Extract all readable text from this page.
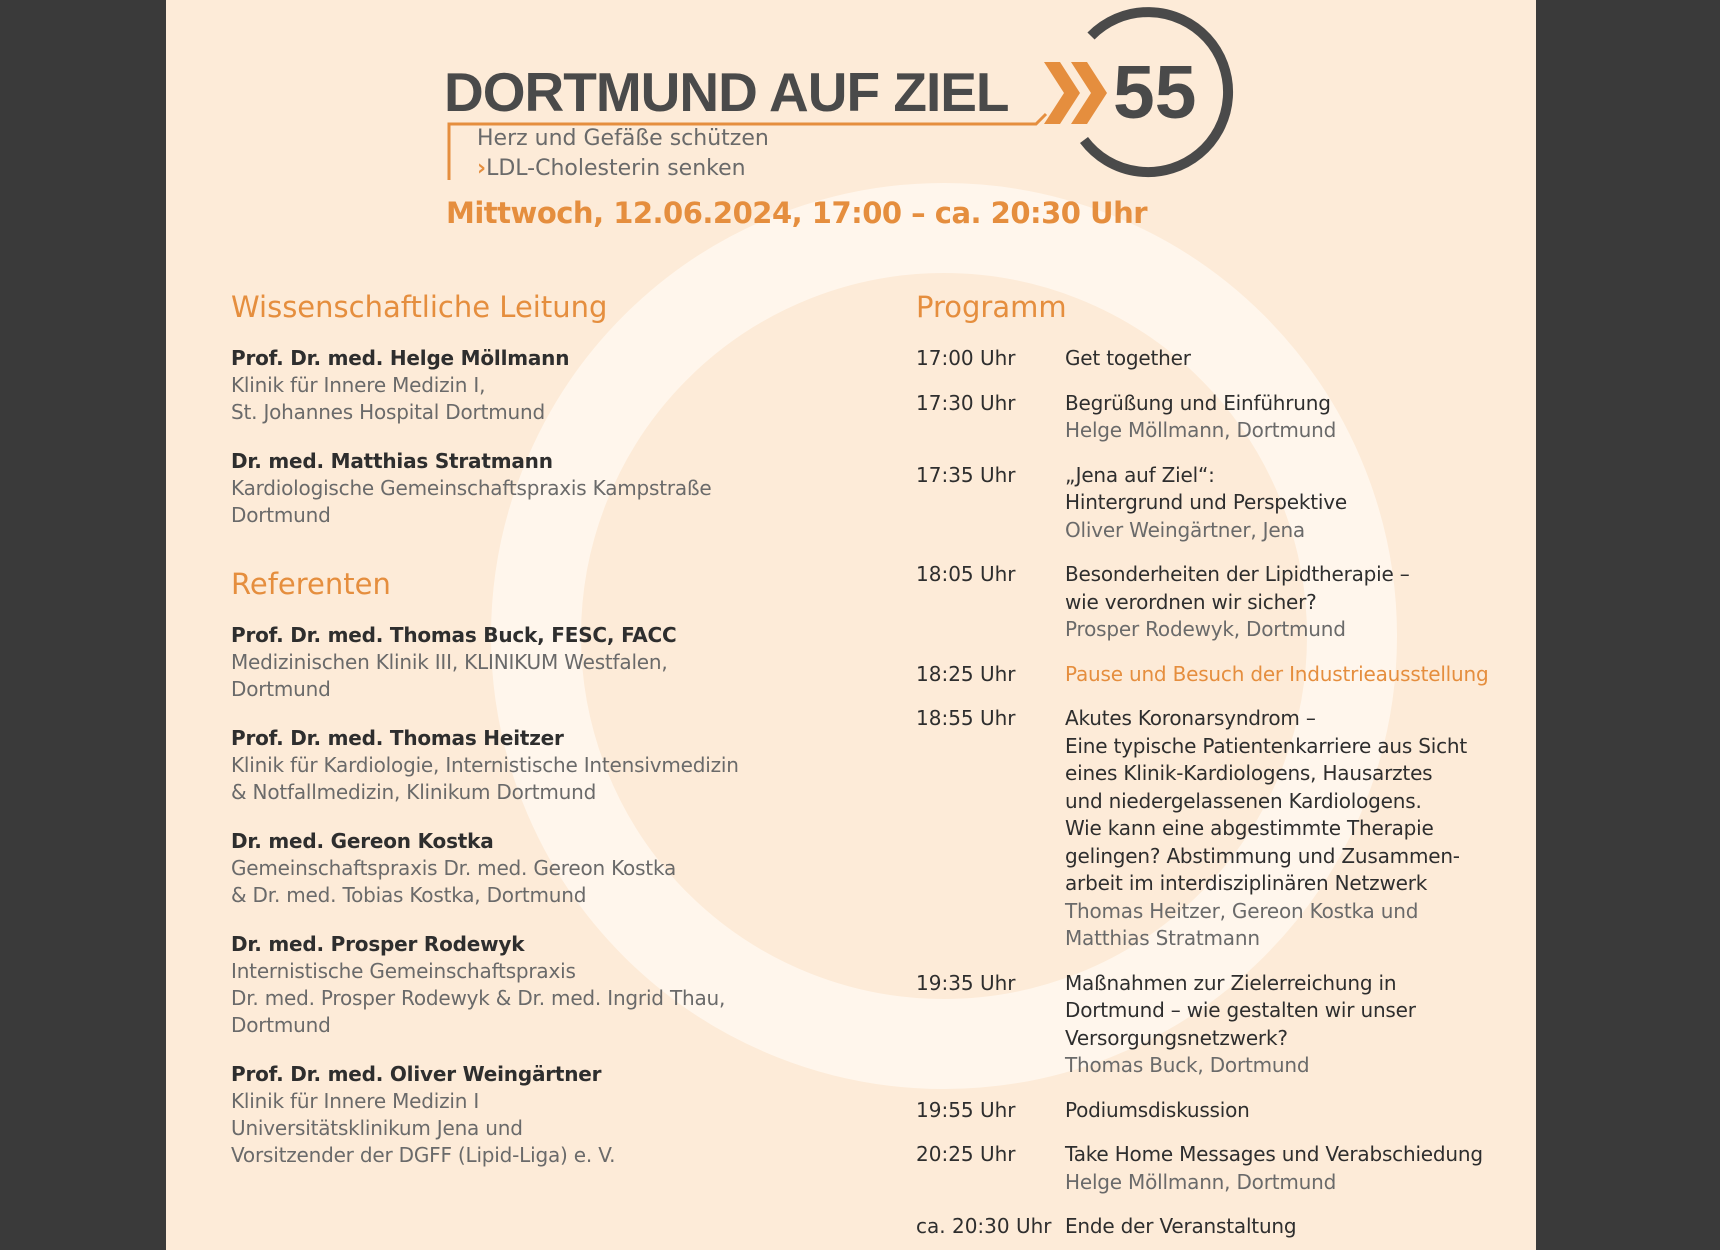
DORTMUND AUF ZIEL 55
Herz und Gefäße schützen
›LDL-Cholesterin senken
Mittwoch, 12.06.2024, 17:00 – ca. 20:30 Uhr
Wissenschaftliche Leitung
Prof. Dr. med. Helge Möllmann
Klinik für Innere Medizin I,
St. Johannes Hospital Dortmund
Dr. med. Matthias Stratmann
Kardiologische Gemeinschaftspraxis Kampstraße
Dortmund
Referenten
Prof. Dr. med. Thomas Buck, FESC, FACC
Medizinischen Klinik III, KLINIKUM Westfalen,
Dortmund
Prof. Dr. med. Thomas Heitzer
Klinik für Kardiologie, Internistische Intensivmedizin
& Notfallmedizin, Klinikum Dortmund
Dr. med. Gereon Kostka
Gemeinschaftspraxis Dr. med. Gereon Kostka
& Dr. med. Tobias Kostka, Dortmund
Dr. med. Prosper Rodewyk
Internistische Gemeinschaftspraxis
Dr. med. Prosper Rodewyk & Dr. med. Ingrid Thau,
Dortmund
Prof. Dr. med. Oliver Weingärtner
Klinik für Innere Medizin I
Universitätsklinikum Jena und
Vorsitzender der DGFF (Lipid-Liga) e. V.
Programm
17:00 Uhr	Get together
17:30 Uhr	Begrüßung und Einführung
Helge Möllmann, Dortmund
17:35 Uhr	„Jena auf Ziel“:
Hintergrund und Perspektive
Oliver Weingärtner, Jena
18:05 Uhr	Besonderheiten der Lipidtherapie –
wie verordnen wir sicher?
Prosper Rodewyk, Dortmund
18:25 Uhr	Pause und Besuch der Industrieausstellung
18:55 Uhr	Akutes Koronarsyndrom –
Eine typische Patientenkarriere aus Sicht
eines Klinik-Kardiologens, Hausarztes
und niedergelassenen Kardiologens.
Wie kann eine abgestimmte Therapie
gelingen? Abstimmung und Zusammen-
arbeit im interdisziplinären Netzwerk
Thomas Heitzer, Gereon Kostka und
Matthias Stratmann
19:35 Uhr	Maßnahmen zur Zielerreichung in
Dortmund – wie gestalten wir unser
Versorgungsnetzwerk?
Thomas Buck, Dortmund
19:55 Uhr	Podiumsdiskussion
20:25 Uhr	Take Home Messages und Verabschiedung
Helge Möllmann, Dortmund
ca. 20:30 Uhr Ende der Veranstaltung
